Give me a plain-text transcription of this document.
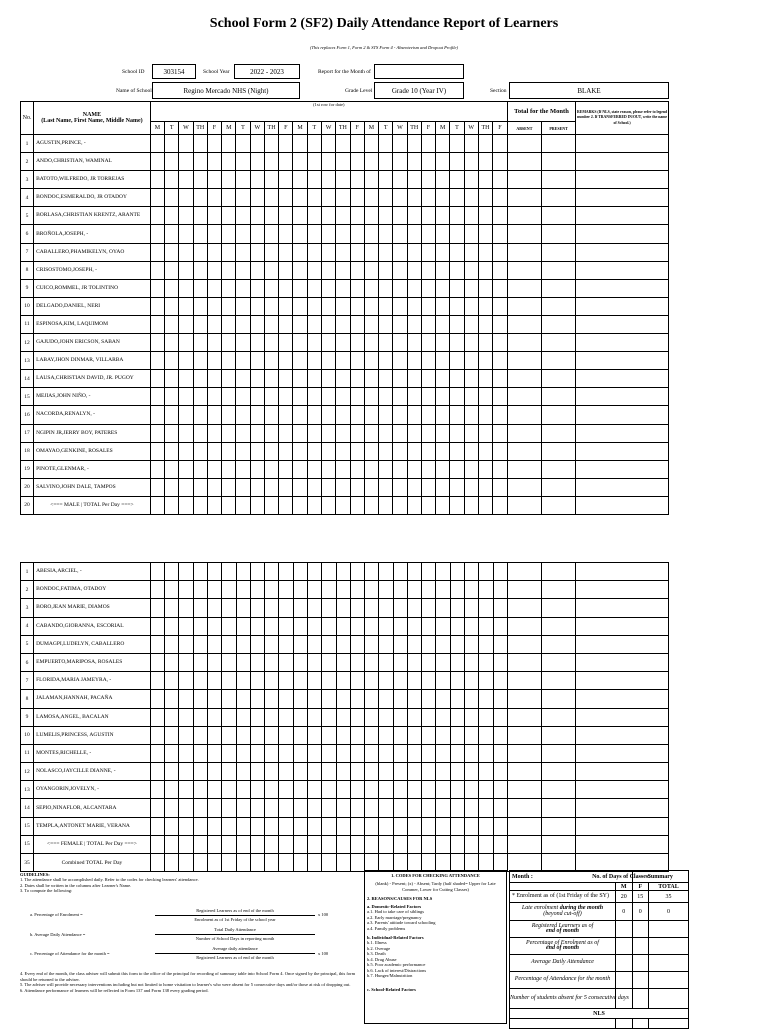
School Form 2 (SF2) Daily Attendance Report of Learners
(This replaces Form 1, Form 2 & STS Form 4 - Absenteeism and Dropout Profile)
School ID	303154	School Year	2022 - 2023	Report for the Month of
Name of School	Regino Mercado NHS (Night)	Grade Level	Grade 10 (Year IV)	Section	BLAKE
No.	NAME
(Last Name, First Name, Middle Name)	(1st row for date)																									Total for the Month		REMARKS (If NLS, state reason, please refer to legend number 2. If TRANSFERRED IN/OUT, write the name of School.)
		M	T	W	TH	F	M	T	W	TH	F	M	T	W	TH	F	M	T	W	TH	F	M	T	W	TH	F	ABSENT	PRESENT	
1	AGUSTIN,PRINCE, -																												
2	ANDO,CHRISTIAN, WAMINAL																												
3	BATOTO,WILFREDO, JR TORREJAS																												
4	BONDOC,ESMERALDO, JR OTADOY																												
5	BORLASA,CHRISTIAN KRENTZ, ARANTE																												
6	BROÑOLA,JOSEPH, -																												
7	CABALLERO,PHAMIKELYN, OYAO																												
8	CRISOSTOMO,JOSEPH, -																												
9	CUICO,ROMMEL, JR TOLINTINO																												
10	DELGADO,DANIEL, NERI																												
11	ESPINOSA,KIM, LAQUIMOM																												
12	GAJUDO,JOHN ERICSON, SABAN																												
13	LABAY,JHON DINMAR, VILLARBA																												
14	LAUSA,CHRISTIAN DAVID, JR. PUGOY																												
15	MEJIAS,JOHN NIÑO, -																												
16	NACORDA,RENALYN, -																												
17	NGIPIN JR,JERRY BOY, PATERES																												
18	OMAYAO,GENKINE, ROSALES																												
19	PINOTE,GLENMAR, -																												
20	SALVINO,JOHN DALE, TAMPOS																												
20	<=== MALE | TOTAL Per Day ===>																												
1	ABESIA,ARCIEL, -																												
2	BONDOC,FATIMA, OTADOY																												
3	BORO,JEAN MARIE, DIAMOS																												
4	CABANDO,GIOBANNA, ESCORIAL																												
5	DUMAGPI,LUDELYN, CABALLERO																												
6	EMPUERTO,MARIPOSA, ROSALES																												
7	FLORIDA,MARIA JAMEYRA, -																												
8	JALAMAN,HANNAH, PACAÑA																												
9	LAMOSA,ANGEL, BACALAN																												
10	LUMELIS,PRINCESS, AGUSTIN																												
11	MONTES,RICHELLE, -																												
12	NOLASCO,JAYCILLE DIANNE, -																												
13	OYANGORIN,JOVELYN, -																												
14	SEPIO,NINAFLOR, ALCANTARA																												
15	TEMPLA,ANTONET MARIE, VERANA																												
15	<=== FEMALE | TOTAL Per Day ===>																												
35	Combined TOTAL Per Day																												
GUIDELINES:
1. The attendance shall be accomplished daily. Refer to the codes for checking learners' attendance.
2. Dates shall be written in the columns after Learner's Name.
3. To compute the following:
a. Percentage of Enrolment =
Registered Learners as of end of the month
Enrolment as of 1st Friday of the school year
x 100
b. Average Daily Attendance =
Total Daily Attendance
Number of School Days in reporting month
c. Percentage of Attendance for the month =
Average daily attendance
Registered Learners as of end of the month
x 100
4. Every end of the month, the class adviser will submit this form to the office of the principal for recording of summary table into School Form 4. Once signed by the principal, this form should be returned to the adviser.
5. The adviser will provide necessary interventions including but not limited to home visitation to learner's who were absent for 5 consecutive days and/or those at risk of dropping out.
6. Attendance performance of learners will be reflected in Form 137 and Form 138 every grading period.
1. CODES FOR CHECKING ATTENDANCE
(blank) - Present; (x) - Absent; Tardy (half shaded= Upper for Late Commer, Lower for Cutting Classes)
2. REASONS/CAUSES FOR NLS
a. Domestic-Related Factors
a.1. Had to take care of siblings
a.2. Early marriage/pregnancy
a.3. Parents' attitude toward schooling
a.4. Family problems
b. Individual-Related Factors
b.1. Illness
b.2. Overage
b.3. Death
b.4. Drug Abuse
b.5. Poor academic performance
b.6. Lack of interest/Distractions
b.7. Hunger/Malnutrition
c. School-Related Factors
Month :	No. of Days of Classes:		Summary	
		M	F	TOTAL
* Enrolment as of (1st Friday of the SY)		20	15	35
Late enrolment during the month
(beyond cut-off)		0	0	0
Registered Learners as of
end of month				
Percentage of Enrolment as of
end of month				
Average Daily Attendance				
Percentage of Attendance for the month				
Number of students absent for 5 consecutive days				
NLS				
